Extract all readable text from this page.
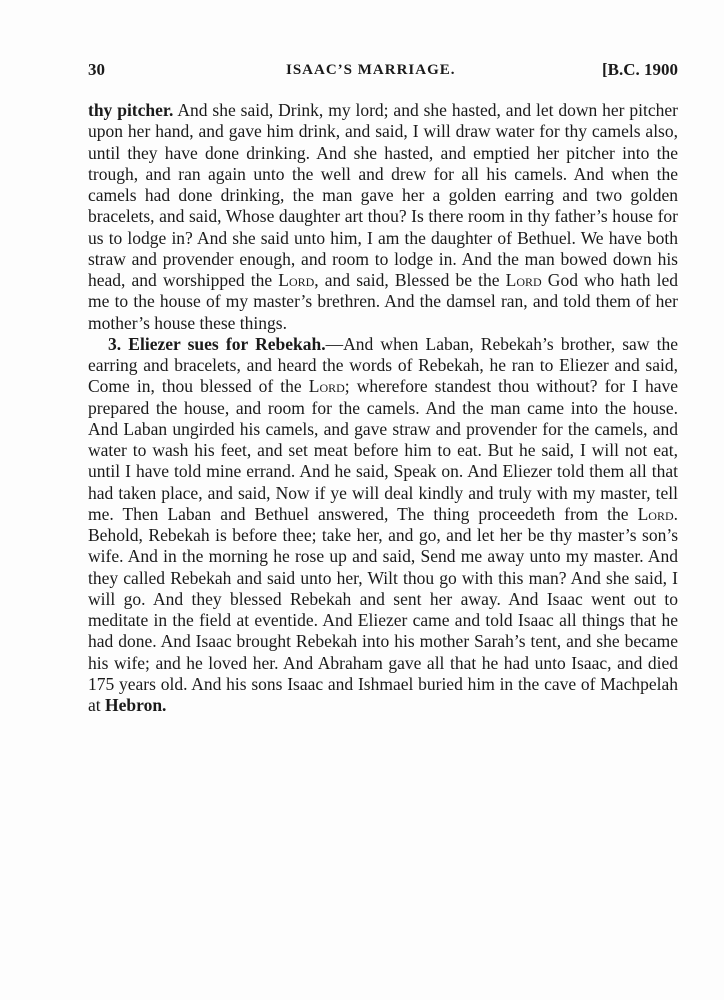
30	ISAAC’S MARRIAGE.	[B.C. 1900

thy pitcher. And she said, Drink, my lord; and she hasted, and let down her pitcher upon her hand, and gave him drink, and said, I will draw water for thy camels also, until they have done drinking. And she hasted, and emptied her pitcher into the trough, and ran again unto the well and drew for all his camels. And when the camels had done drinking, the man gave her a golden earring and two golden bracelets, and said, Whose daughter art thou? Is there room in thy father’s house for us to lodge in? And she said unto him, I am the daughter of Bethuel. We have both straw and provender enough, and room to lodge in. And the man bowed down his head, and worshipped the Lord, and said, Blessed be the Lord God who hath led me to the house of my master’s brethren. And the damsel ran, and told them of her mother’s house these things.

3. Eliezer sues for Rebekah.—And when Laban, Rebekah’s brother, saw the earring and bracelets, and heard the words of Rebekah, he ran to Eliezer and said, Come in, thou blessed of the Lord; wherefore standest thou without? for I have prepared the house, and room for the camels. And the man came into the house. And Laban ungirded his camels, and gave straw and provender for the camels, and water to wash his feet, and set meat before him to eat. But he said, I will not eat, until I have told mine errand. And he said, Speak on. And Eliezer told them all that had taken place, and said, Now if ye will deal kindly and truly with my master, tell me. Then Laban and Bethuel answered, The thing proceedeth from the Lord. Behold, Rebekah is before thee; take her, and go, and let her be thy master’s son’s wife. And in the morning he rose up and said, Send me away unto my master. And they called Rebekah and said unto her, Wilt thou go with this man? And she said, I will go. And they blessed Rebekah and sent her away. And Isaac went out to meditate in the field at eventide. And Eliezer came and told Isaac all things that he had done. And Isaac brought Rebekah into his mother Sarah’s tent, and she became his wife; and he loved her. And Abraham gave all that he had unto Isaac, and died 175 years old. And his sons Isaac and Ishmael buried him in the cave of Machpelah at Hebron.
